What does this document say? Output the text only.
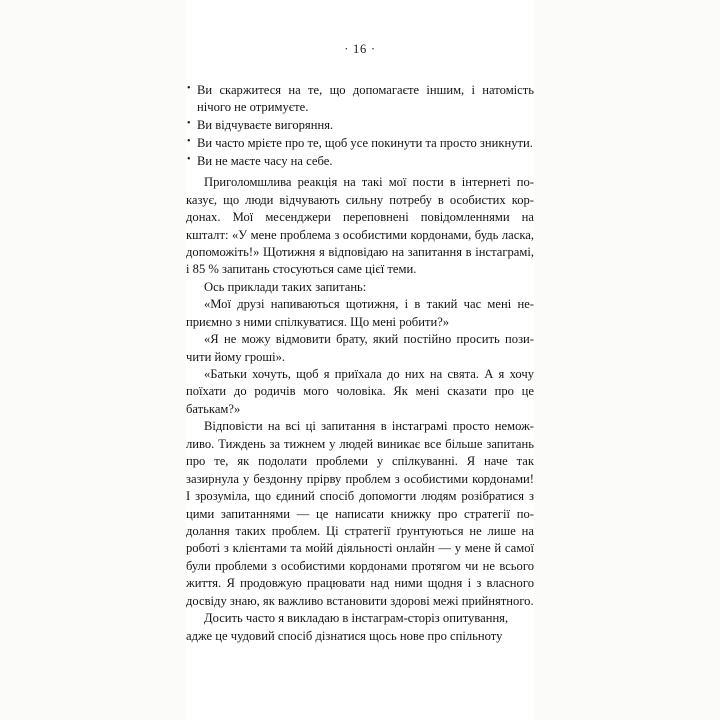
· 16 ·
• Ви скаржитеся на те, що допомагаєте іншим, і натомість нічого не отримуєте.
• Ви відчуваєте вигоряння.
• Ви часто мрієте про те, щоб усе покинути та просто зникнути.
• Ви не маєте часу на себе.

Приголомшлива реакція на такі мої пости в інтернеті показує, що люди відчувають сильну потребу в особистих кордонах. Мої месенджери переповнені повідомленнями на кшталт: «У мене проблема з особистими кордонами, будь ласка, допоможіть!» Щотижня я відповідаю на запитання в інстаграмі, і 85 % запитань стосуються саме цієї теми.

Ось приклади таких запитань:

«Мої друзі напиваються щотижня, і в такий час мені неприємно з ними спілкуватися. Що мені робити?»

«Я не можу відмовити брату, який постійно просить позичити йому гроші».

«Батьки хочуть, щоб я приїхала до них на свята. А я хочу поїхати до родичів мого чоловіка. Як мені сказати про це батькам?»

Відповісти на всі ці запитання в інстаграмі просто неможливо. Тиждень за тижнем у людей виникає все більше запитань про те, як подолати проблеми у спілкуванні. Я наче так зазирнула у бездонну прірву проблем з особистими кордонами! І зрозуміла, що єдиний спосіб допомогти людям розібратися з цими запитаннями — це написати книжку про стратегії подолання таких проблем. Ці стратегії ґрунтуються не лише на роботі з клієнтами та мойй діяльності онлайн — у мене й самої були проблеми з особистими кордонами протягом чи не всього життя. Я продовжую працювати над ними щодня і з власного досвіду знаю, як важливо встановити здорові межі прийнятного.

Досить часто я викладаю в інстаграм-сторіз опитування, адже це чудовий спосіб дізнатися щось нове про спільноту
